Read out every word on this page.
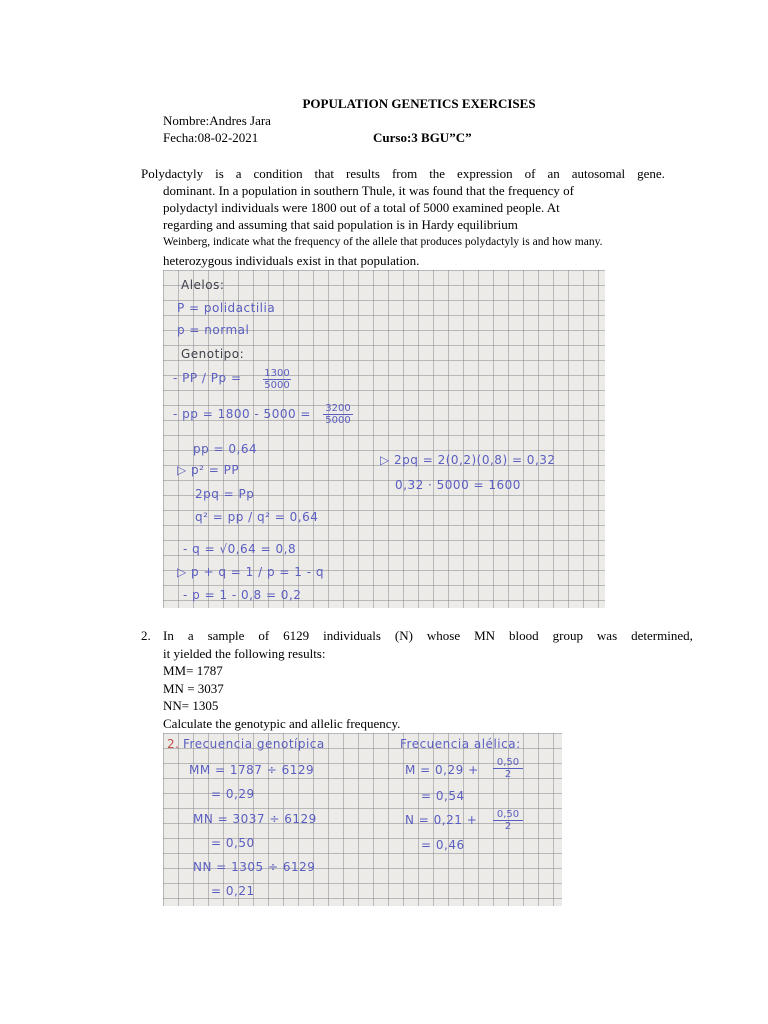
POPULATION GENETICS EXERCISES
Nombre:Andres Jara
Fecha:08-02-2021	Curso:3 BGU”C”
Polydactyly is a condition that results from the expression of an autosomal gene.
dominant. In a population in southern Thule, it was found that the frequency of
polydactyl individuals were 1800 out of a total of 5000 examined people. At
regarding and assuming that said population is in Hardy equilibrium
Weinberg, indicate what the frequency of the allele that produces polydactyly is and how many.
heterozygous individuals exist in that population.
Alelos:
P = polidactilia
p = normal
Genotipo:
- PP / $Pp = \frac{1300}{5000}$
- pp = $1800 - 5000 = \frac{3200}{5000}$
pp = 0,64
▷ p² = PP
2pq = Pp
q² = pp / q² = 0,64
- q = √0,64 = 0,8
▷ p + q = 1 / p = 1 - q
- p = 1 - 0,8 = 0,2
▷ 2pq = 2(0,2)(0,8) = 0,32
0,32 · 5000 = 1600
2. In a sample of 6129 individuals (N) whose MN blood group was determined,
it yielded the following results:
MM= 1787
MN = 3037
NN= 1305
Calculate the genotypic and allelic frequency.
2. Frecuencia genotípica	Frecuencia alélica:
MM = 1787 ÷ 6129
= 0,29
MN = 3037 ÷ 6129
= 0,50
NN = 1305 ÷ 6129
= 0,21
$M = 0,29 + \frac{0,50}{2}$
= 0,54
$N = 0,21 + \frac{0,50}{2}$
= 0,46
